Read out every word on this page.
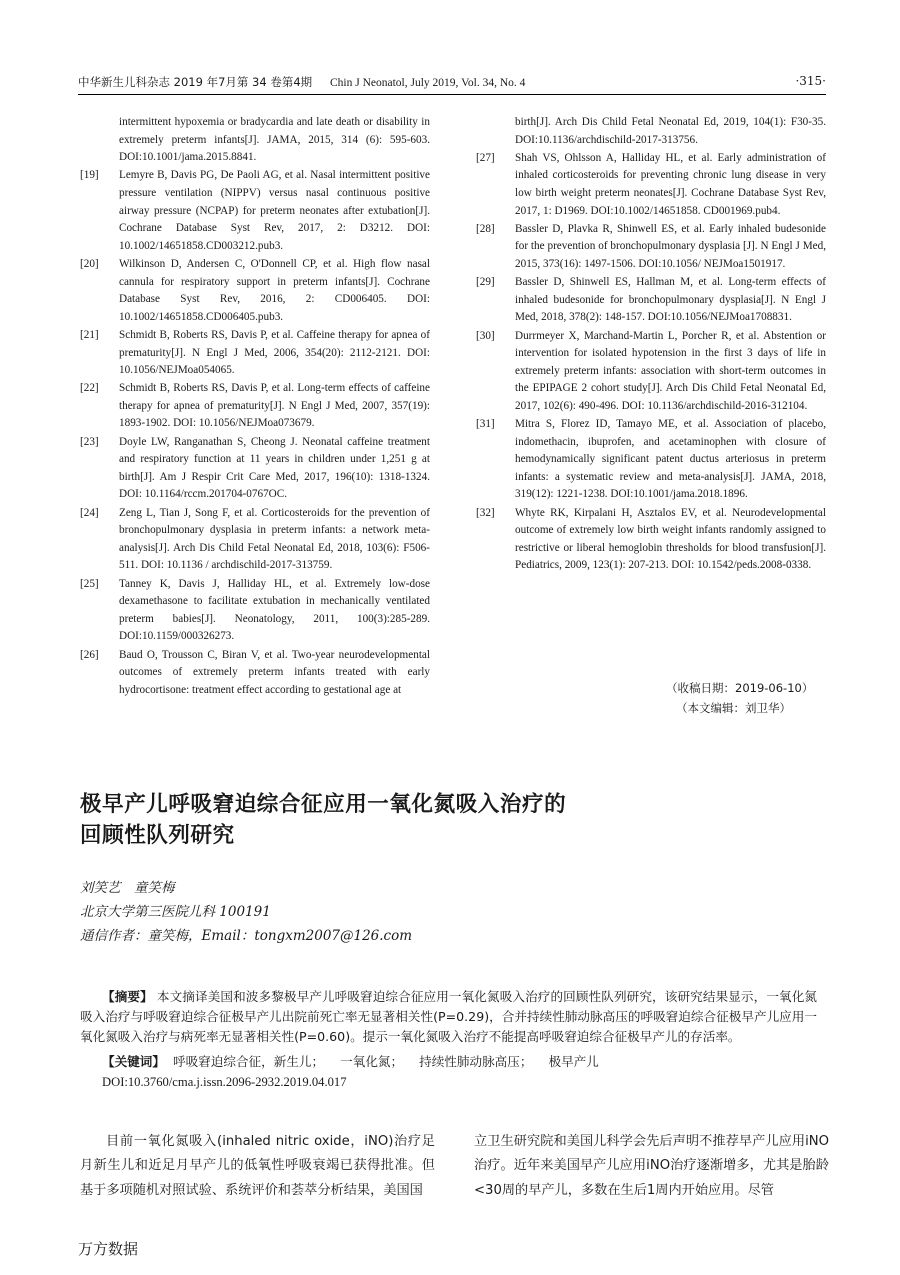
中华新生儿科杂志 2019 年7月第 34 卷第4期 Chin J Neonatol, July 2019, Vol. 34, No. 4	·315·
intermittent hypoxemia or bradycardia and late death or disability in extremely preterm infants[J]. JAMA, 2015, 314 (6): 595-603. DOI:10.1001/jama.2015.8841.
[19] Lemyre B, Davis PG, De Paoli AG, et al. Nasal intermittent positive pressure ventilation (NIPPV) versus nasal continuous positive airway pressure (NCPAP) for preterm neonates after extubation[J]. Cochrane Database Syst Rev, 2017, 2: D3212. DOI: 10.1002/14651858.CD003212.pub3.
[20] Wilkinson D, Andersen C, O'Donnell CP, et al. High flow nasal cannula for respiratory support in preterm infants[J]. Cochrane Database Syst Rev, 2016, 2: CD006405. DOI: 10.1002/14651858.CD006405.pub3.
[21] Schmidt B, Roberts RS, Davis P, et al. Caffeine therapy for apnea of prematurity[J]. N Engl J Med, 2006, 354(20): 2112-2121. DOI: 10.1056/NEJMoa054065.
[22] Schmidt B, Roberts RS, Davis P, et al. Long-term effects of caffeine therapy for apnea of prematurity[J]. N Engl J Med, 2007, 357(19): 1893-1902. DOI: 10.1056/NEJMoa073679.
[23] Doyle LW, Ranganathan S, Cheong J. Neonatal caffeine treatment and respiratory function at 11 years in children under 1,251 g at birth[J]. Am J Respir Crit Care Med, 2017, 196(10): 1318-1324. DOI: 10.1164/rccm.201704-0767OC.
[24] Zeng L, Tian J, Song F, et al. Corticosteroids for the prevention of bronchopulmonary dysplasia in preterm infants: a network meta-analysis[J]. Arch Dis Child Fetal Neonatal Ed, 2018, 103(6): F506-511. DOI: 10.1136 / archdischild-2017-313759.
[25] Tanney K, Davis J, Halliday HL, et al. Extremely low-dose dexamethasone to facilitate extubation in mechanically ventilated preterm babies[J]. Neonatology, 2011, 100(3):285-289. DOI:10.1159/000326273.
[26] Baud O, Trousson C, Biran V, et al. Two-year neurodevelopmental outcomes of extremely preterm infants treated with early hydrocortisone: treatment effect according to gestational age at
birth[J]. Arch Dis Child Fetal Neonatal Ed, 2019, 104(1): F30-35. DOI:10.1136/archdischild-2017-313756.
[27] Shah VS, Ohlsson A, Halliday HL, et al. Early administration of inhaled corticosteroids for preventing chronic lung disease in very low birth weight preterm neonates[J]. Cochrane Database Syst Rev, 2017, 1: D1969. DOI:10.1002/14651858. CD001969.pub4.
[28] Bassler D, Plavka R, Shinwell ES, et al. Early inhaled budesonide for the prevention of bronchopulmonary dysplasia [J]. N Engl J Med, 2015, 373(16): 1497-1506. DOI:10.1056/ NEJMoa1501917.
[29] Bassler D, Shinwell ES, Hallman M, et al. Long-term effects of inhaled budesonide for bronchopulmonary dysplasia[J]. N Engl J Med, 2018, 378(2): 148-157. DOI:10.1056/NEJMoa1708831.
[30] Durrmeyer X, Marchand-Martin L, Porcher R, et al. Abstention or intervention for isolated hypotension in the first 3 days of life in extremely preterm infants: association with short-term outcomes in the EPIPAGE 2 cohort study[J]. Arch Dis Child Fetal Neonatal Ed, 2017, 102(6): 490-496. DOI: 10.1136/archdischild-2016-312104.
[31] Mitra S, Florez ID, Tamayo ME, et al. Association of placebo, indomethacin, ibuprofen, and acetaminophen with closure of hemodynamically significant patent ductus arteriosus in preterm infants: a systematic review and meta-analysis[J]. JAMA, 2018, 319(12): 1221-1238. DOI:10.1001/jama.2018.1896.
[32] Whyte RK, Kirpalani H, Asztalos EV, et al. Neurodevelopmental outcome of extremely low birth weight infants randomly assigned to restrictive or liberal hemoglobin thresholds for blood transfusion[J]. Pediatrics, 2009, 123(1): 207-213. DOI: 10.1542/peds.2008-0338.
（收稿日期：2019-06-10）
（本文编辑：刘卫华）
极早产儿呼吸窘迫综合征应用一氧化氮吸入治疗的
回顾性队列研究
刘笑艺　童笑梅
北京大学第三医院儿科 100191
通信作者：童笑梅，Email：tongxm2007@126.com

【摘要】 本文摘译美国和波多黎极早产儿呼吸窘迫综合征应用一氧化氮吸入治疗的回顾性队列研究，该研究结果显示，一氧化氮吸入治疗与呼吸窘迫综合征极早产儿出院前死亡率无显著相关性(P=0.29)，合并持续性肺动脉高压的呼吸窘迫综合征极早产儿应用一氧化氮吸入治疗与病死率无显著相关性(P=0.60)。提示一氧化氮吸入治疗不能提高呼吸窘迫综合征极早产儿的存活率。

【关键词】 呼吸窘迫综合征，新生儿； 一氧化氮； 持续性肺动脉高压； 极早产儿
DOI:10.3760/cma.j.issn.2096-2932.2019.04.017

目前一氧化氮吸入(inhaled nitric oxide，iNO)治疗足月新生儿和近足月早产儿的低氧性呼吸衰竭已获得批准。但基于多项随机对照试验、系统评价和荟萃分析结果，美国国

立卫生研究院和美国儿科学会先后声明不推荐早产儿应用iNO治疗。近年来美国早产儿应用iNO治疗逐渐增多，尤其是胎龄<30周的早产儿，多数在生后1周内开始应用。尽管

万方数据
